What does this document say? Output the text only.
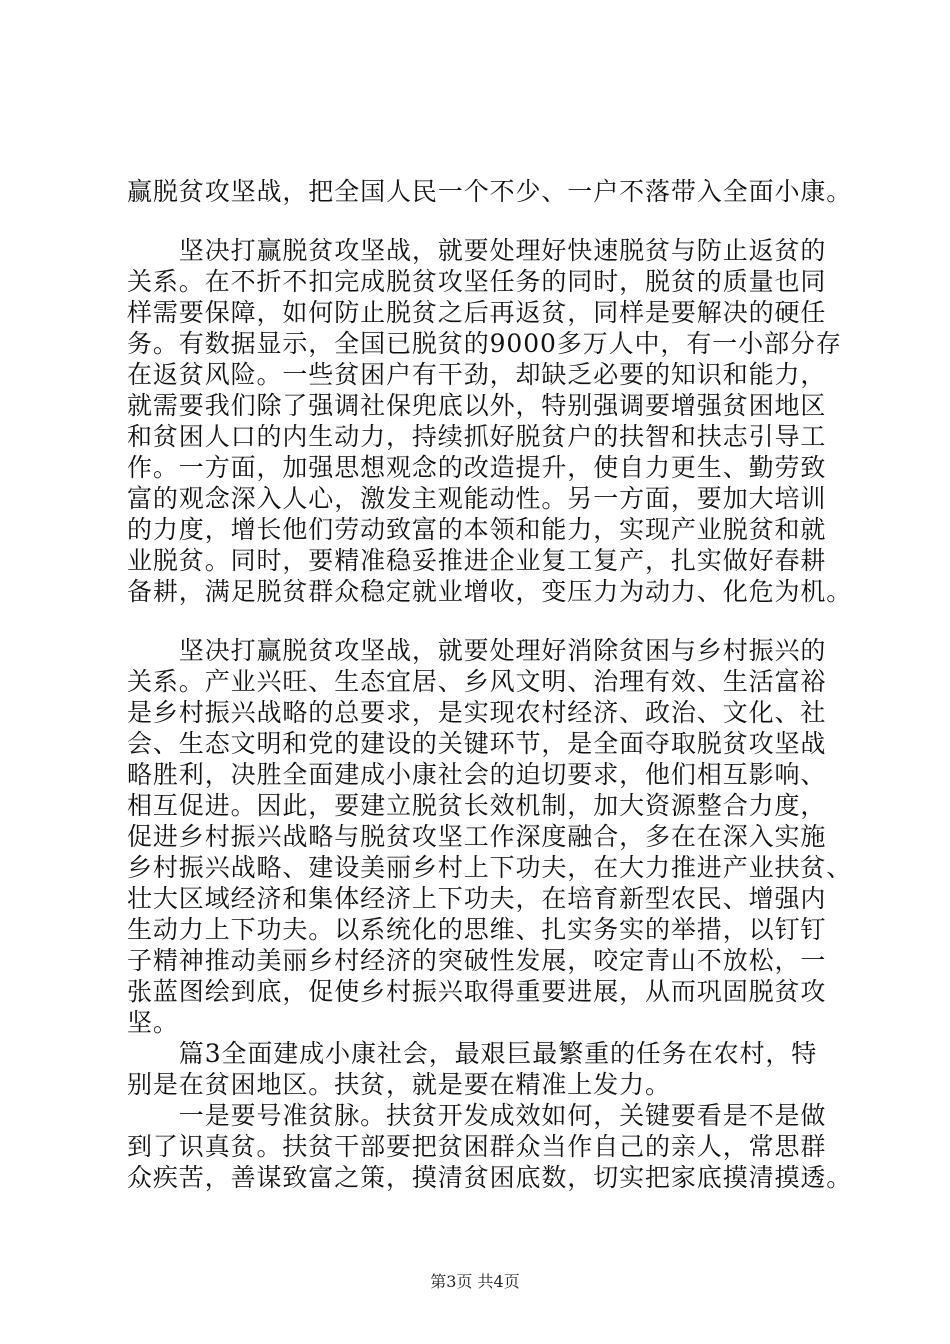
赢脱贫攻坚战，把全国人民一个不少、一户不落带入全面小康。
　　坚决打赢脱贫攻坚战，就要处理好快速脱贫与防止返贫的
关系。在不折不扣完成脱贫攻坚任务的同时，脱贫的质量也同
样需要保障，如何防止脱贫之后再返贫，同样是要解决的硬任
务。有数据显示，全国已脱贫的9000多万人中，有一小部分存
在返贫风险。一些贫困户有干劲，却缺乏必要的知识和能力，
就需要我们除了强调社保兜底以外，特别强调要增强贫困地区
和贫困人口的内生动力，持续抓好脱贫户的扶智和扶志引导工
作。一方面，加强思想观念的改造提升，使自力更生、勤劳致
富的观念深入人心，激发主观能动性。另一方面，要加大培训
的力度，增长他们劳动致富的本领和能力，实现产业脱贫和就
业脱贫。同时，要精准稳妥推进企业复工复产，扎实做好春耕
备耕，满足脱贫群众稳定就业增收，变压力为动力、化危为机。
　　坚决打赢脱贫攻坚战，就要处理好消除贫困与乡村振兴的
关系。产业兴旺、生态宜居、乡风文明、治理有效、生活富裕
是乡村振兴战略的总要求，是实现农村经济、政治、文化、社
会、生态文明和党的建设的关键环节，是全面夺取脱贫攻坚战
略胜利，决胜全面建成小康社会的迫切要求，他们相互影响、
相互促进。因此，要建立脱贫长效机制，加大资源整合力度，
促进乡村振兴战略与脱贫攻坚工作深度融合，多在在深入实施
乡村振兴战略、建设美丽乡村上下功夫，在大力推进产业扶贫、
壮大区域经济和集体经济上下功夫，在培育新型农民、增强内
生动力上下功夫。以系统化的思维、扎实务实的举措，以钉钉
子精神推动美丽乡村经济的突破性发展，咬定青山不放松，一
张蓝图绘到底，促使乡村振兴取得重要进展，从而巩固脱贫攻
坚。
　　篇3全面建成小康社会，最艰巨最繁重的任务在农村，特
别是在贫困地区。扶贫，就是要在精准上发力。
　　一是要号准贫脉。扶贫开发成效如何，关键要看是不是做
到了识真贫。扶贫干部要把贫困群众当作自己的亲人，常思群
众疾苦，善谋致富之策，摸清贫困底数，切实把家底摸清摸透。
第3页 共4页
